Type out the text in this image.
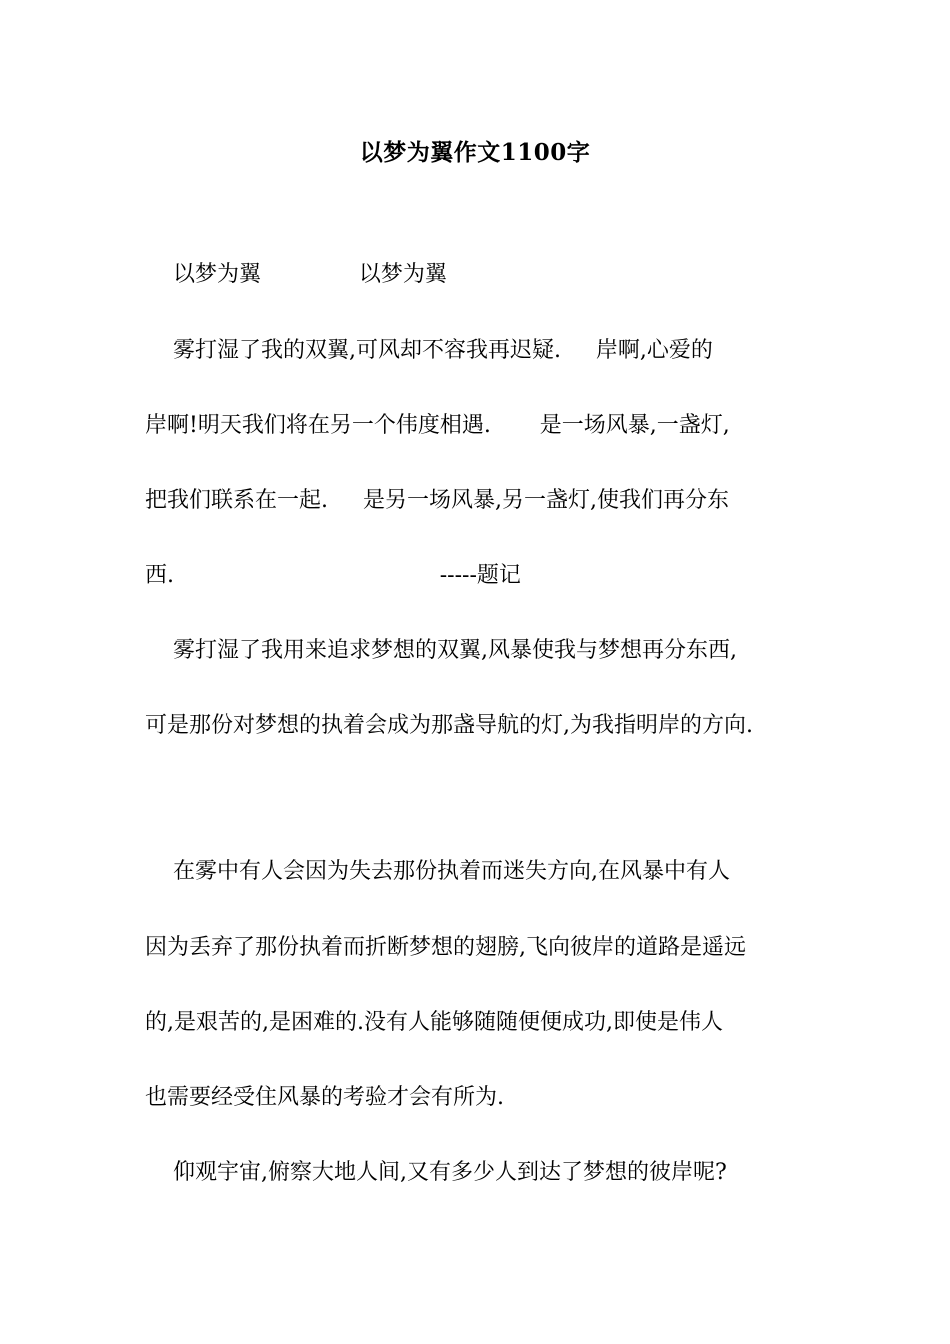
以梦为翼作文1100字
以梦为翼              以梦为翼
雾打湿了我的双翼,可风却不容我再迟疑.     岸啊,心爱的
岸啊!明天我们将在另一个伟度相遇.       是一场风暴,一盏灯,
把我们联系在一起.     是另一场风暴,另一盏灯,使我们再分东
西.                                      -----题记
雾打湿了我用来追求梦想的双翼,风暴使我与梦想再分东西,
可是那份对梦想的执着会成为那盏导航的灯,为我指明岸的方向.
在雾中有人会因为失去那份执着而迷失方向,在风暴中有人
因为丢弃了那份执着而折断梦想的翅膀,飞向彼岸的道路是遥远
的,是艰苦的,是困难的.没有人能够随随便便成功,即使是伟人
也需要经受住风暴的考验才会有所为.
仰观宇宙,俯察大地人间,又有多少人到达了梦想的彼岸呢?
